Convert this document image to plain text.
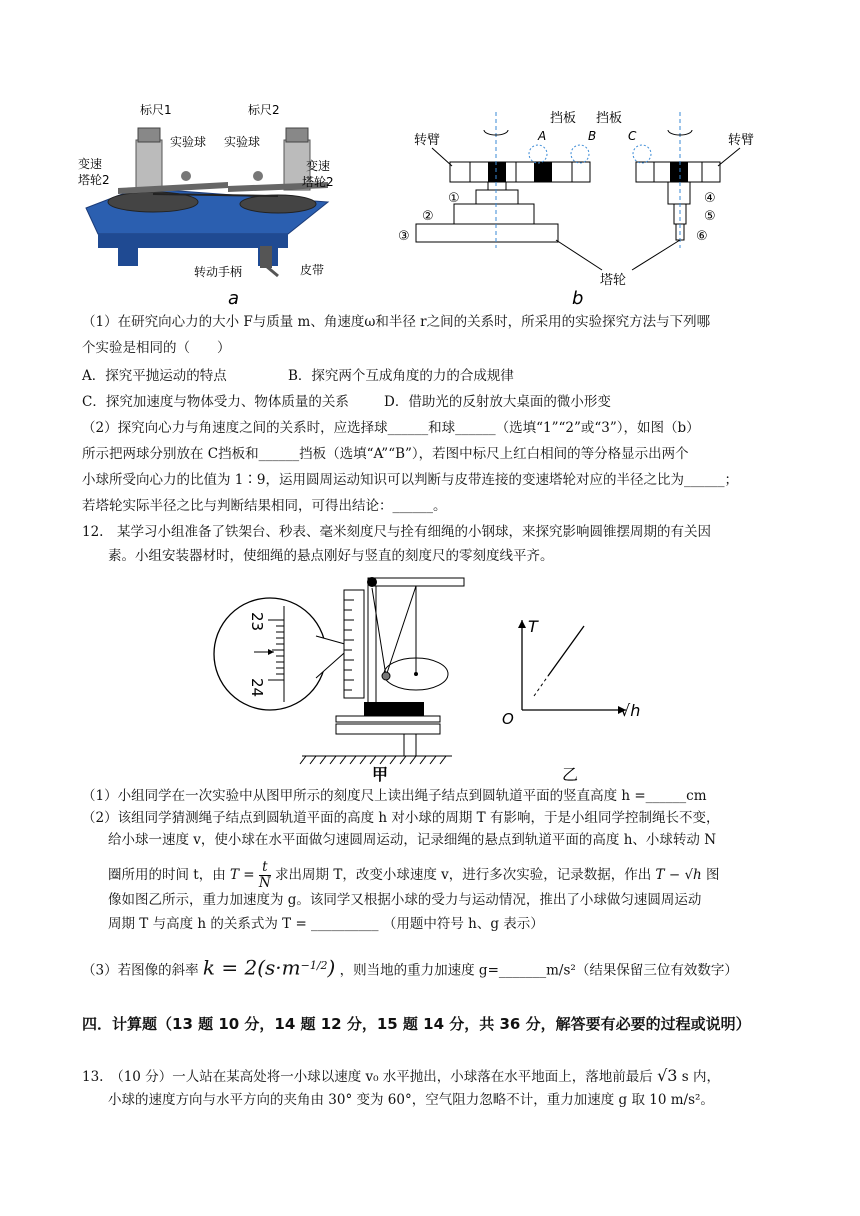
标尺1	标尺2
实验球 实验球
变速
塔轮2
变速
塔轮2
转动手柄	皮带
a
转臂	转臂
挡板 挡板
A	B	C
①
②
③
④
⑤
⑥
塔轮
b
（1）在研究向心力的大小 F与质量 m、角速度ω和半径 r之间的关系时，所采用的实验探究方法与下列哪
个实验是相同的（　　）
A．探究平抛运动的特点	B．探究两个互成角度的力的合成规律
C．探究加速度与物体受力、物体质量的关系	D．借助光的反射放大桌面的微小形变
（2）探究向心力与角速度之间的关系时，应选择球______和球______（选填“1”“2”或“3”），如图（b）
所示把两球分别放在 C挡板和______挡板（选填“A”“B”），若图中标尺上红白相间的等分格显示出两个
小球所受向心力的比值为 1∶9，运用圆周运动知识可以判断与皮带连接的变速塔轮对应的半径之比为______；
若塔轮实际半径之比与判断结果相同，可得出结论：______。
12.　某学习小组准备了铁架台、秒表、毫米刻度尺与拴有细绳的小钢球，来探究影响圆锥摆周期的有关因
素。小组安装器材时，使细绳的悬点刚好与竖直的刻度尺的零刻度线平齐。
23
24
甲
T
√h
O
乙
（1）小组同学在一次实验中从图甲所示的刻度尺上读出绳子结点到圆轨道平面的竖直高度 h =______cm
（2）该组同学猜测绳子结点到圆轨道平面的高度 h 对小球的周期 T 有影响，于是小组同学控制绳长不变，
给小球一速度 v，使小球在水平面做匀速圆周运动，记录细绳的悬点到轨道平面的高度 h、小球转动 N
圈所用的时间 t，由 $T = \frac{t}{N}$ 求出周期 T，改变小球速度 v，进行多次实验，记录数据，作出 T − √h 图
像如图乙所示，重力加速度为 g。该同学又根据小球的受力与运动情况，推出了小球做匀速圆周运动
周期 T 与高度 h 的关系式为 T = __________ （用题中符号 h、g 表示）
（3）若图像的斜率 $k = 2(s\cdot m^{-1/2})$ ，则当地的重力加速度 g=_______m/s²（结果保留三位有效数字）
四．计算题（13 题 10 分，14 题 12 分，15 题 14 分，共 36 分，解答要有必要的过程或说明）
13.　（10 分）一人站在某高处将一小球以速度 v₀ 水平抛出，小球落在水平地面上，落地前最后 √3 s 内，
小球的速度方向与水平方向的夹角由 30° 变为 60°，空气阻力忽略不计，重力加速度 g 取 10 m/s²。
